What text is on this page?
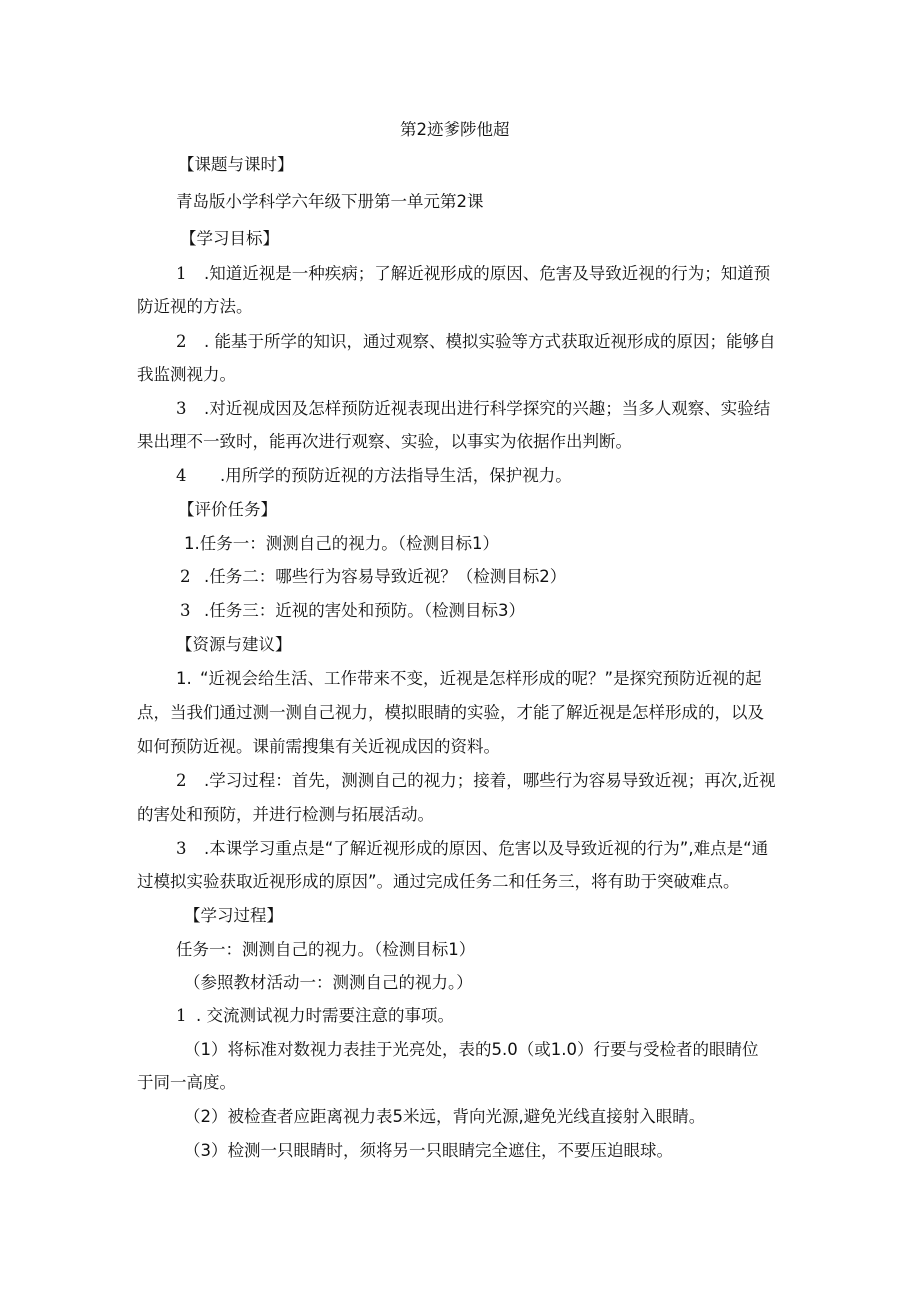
第2迹爹陟他超
【课题与课时】
青岛版小学科学六年级下册第一单元第2课
【学习目标】
1 .知道近视是一种疾病；了解近视形成的原因、危害及导致近视的行为；知道预
防近视的方法。
2 . 能基于所学的知识，通过观察、模拟实验等方式获取近视形成的原因；能够自
我监测视力。
3 .对近视成因及怎样预防近视表现出进行科学探究的兴趣；当多人观察、实验结
果出理不一致时，能再次进行观察、实验，以事实为依据作出判断。
4 .用所学的预防近视的方法指导生活，保护视力。
【评价任务】
1.任务一：测测自己的视力。（检测目标1）
2 .任务二：哪些行为容易导致近视？（检测目标2）
3 .任务三：近视的害处和预防。（检测目标3）
【资源与建议】
1. “近视会给生活、工作带来不变，近视是怎样形成的呢？”是探究预防近视的起
点，当我们通过测一测自己视力，模拟眼睛的实验，才能了解近视是怎样形成的，以及
如何预防近视。课前需搜集有关近视成因的资料。
2 .学习过程：首先，测测自己的视力；接着，哪些行为容易导致近视；再次,近视
的害处和预防，并进行检测与拓展活动。
3 .本课学习重点是“了解近视形成的原因、危害以及导致近视的行为”,难点是“通
过模拟实验获取近视形成的原因”。通过完成任务二和任务三，将有助于突破难点。
【学习过程】
任务一：测测自己的视力。（检测目标1）
（参照教材活动一：测测自己的视力。）
1 . 交流测试视力时需要注意的事项。
（1）将标准对数视力表挂于光亮处，表的5.0（或1.0）行要与受检者的眼睛位
于同一高度。
（2）被检查者应距离视力表5米远，背向光源,避免光线直接射入眼睛。
（3）检测一只眼睛时，须将另一只眼睛完全遮住，不要压迫眼球。
